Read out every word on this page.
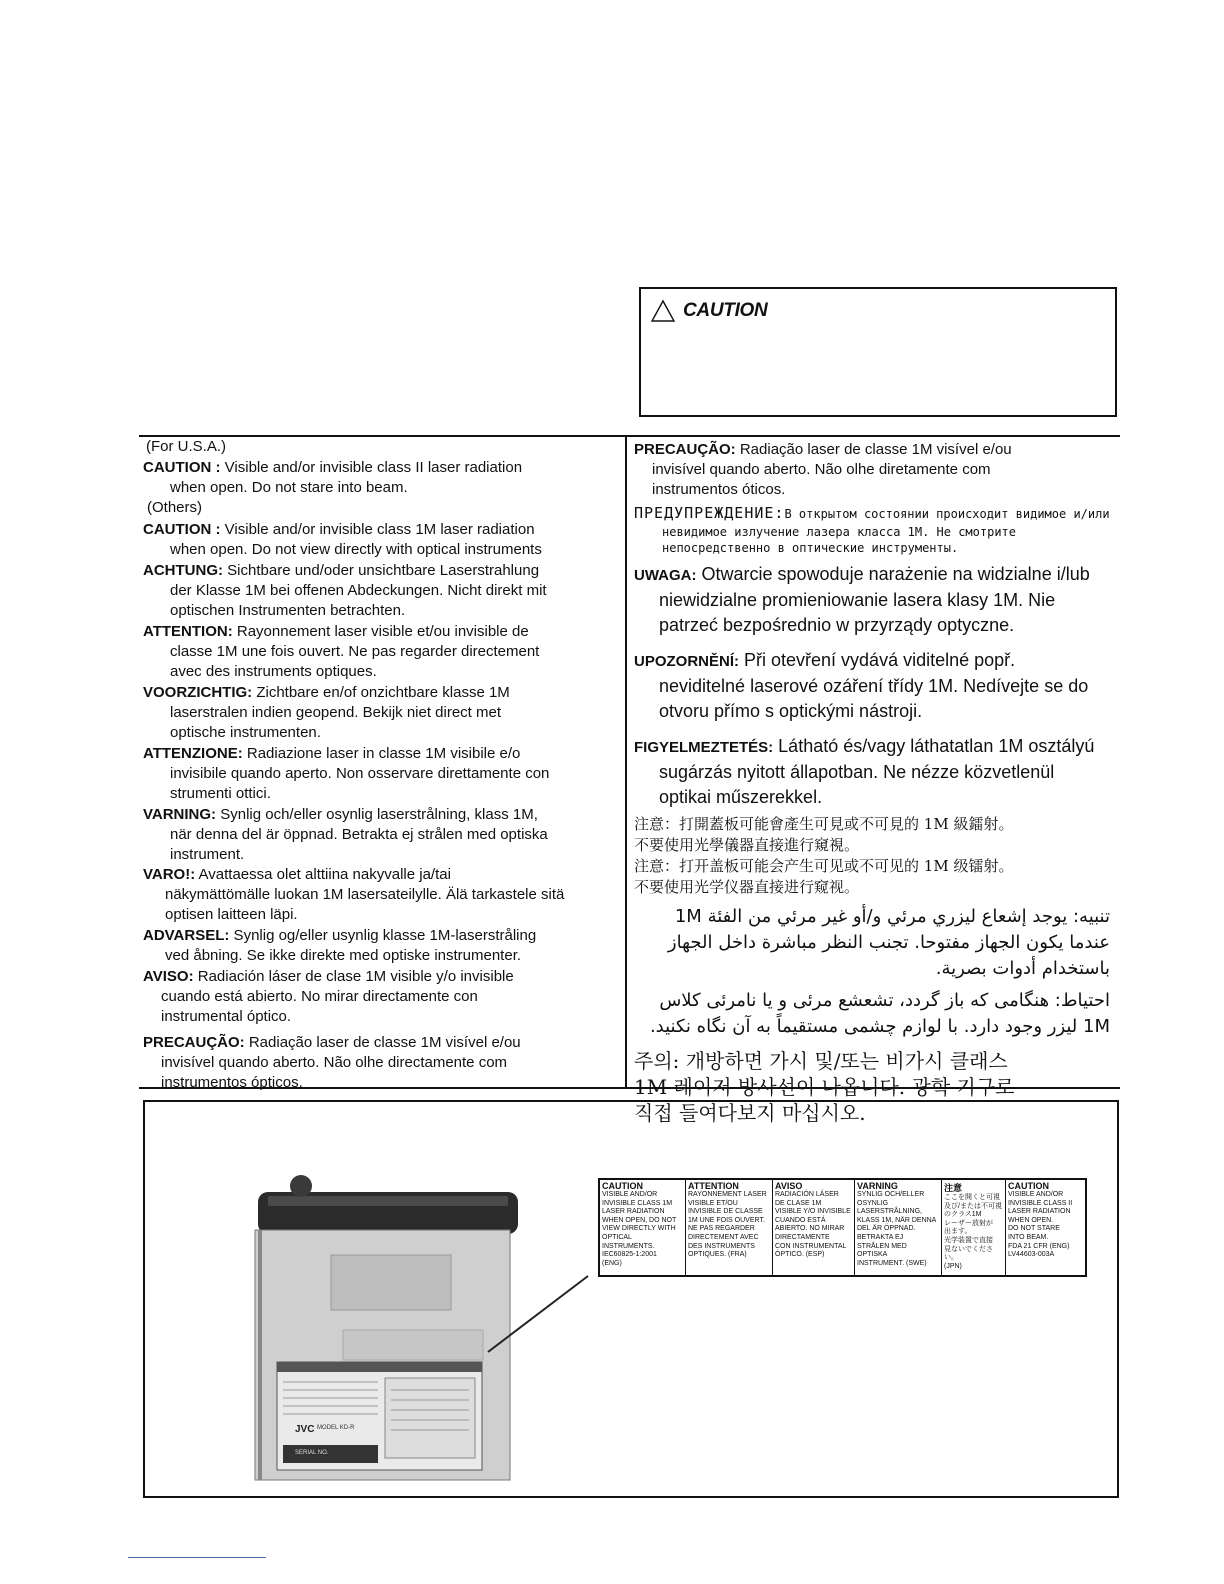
CAUTION
(For U.S.A.)
CAUTION : Visible and/or invisible class II laser radiation
when open. Do not stare into beam.
(Others)
CAUTION : Visible and/or invisible class 1M laser radiation
when open. Do not view directly with optical instruments
ACHTUNG: Sichtbare und/oder unsichtbare Laserstrahlung
der Klasse 1M bei offenen Abdeckungen. Nicht direkt mit optischen Instrumenten betrachten.
ATTENTION: Rayonnement laser visible et/ou invisible de
classe 1M une fois ouvert. Ne pas regarder directement avec des instruments optiques.
VOORZICHTIG: Zichtbare en/of onzichtbare klasse 1M
laserstralen indien geopend. Bekijk niet direct met optische instrumenten.
ATTENZIONE: Radiazione laser in classe 1M visibile e/o
invisibile quando aperto. Non osservare direttamente con strumenti ottici.
VARNING: Synlig och/eller osynlig laserstrålning, klass 1M,
när denna del är öppnad. Betrakta ej strålen med optiska instrument.
VARO!: Avattaessa olet alttiina nakyvalle ja/tai
näkymättömälle luokan 1M lasersateilylle. Älä tarkastele sitä optisen laitteen läpi.
ADVARSEL: Synlig og/eller usynlig klasse 1M-laserstråling
ved åbning. Se ikke direkte med optiske instrumenter.
AVISO: Radiación láser de clase 1M visible y/o invisible
cuando está abierto. No mirar directamente con instrumental óptico.
PRECAUÇÃO: Radiação laser de classe 1M visível e/ou
invisível quando aberto. Não olhe directamente com instrumentos ópticos.
PRECAUÇÃO: Radiação laser de classe 1M visível e/ou
invisível quando aberto. Não olhe diretamente com instrumentos óticos.
ПРЕДУПРЕЖДЕНИЕ:В открытом состоянии происходит видимое и/или
невидимое излучение лазера класса 1M. Не смотрите непосредственно в оптические инструменты.
UWAGA: Otwarcie spowoduje narażenie na widzialne i/lub
niewidzialne promieniowanie lasera klasy 1M. Nie patrzeć bezpośrednio w przyrządy optyczne.
UPOZORNĚNÍ: Při otevření vydává viditelné popř.
neviditelné laserové ozáření třídy 1M. Nedívejte se do otvoru přímo s optickými nástroji.
FIGYELMEZTETÉS: Látható és/vagy láthatatlan 1M osztályú
sugárzás nyitott állapotban. Ne nézze közvetlenül optikai műszerekkel.
注意：打開蓋板可能會產生可見或不可見的 1M 級鐳射。
不要使用光學儀器直接進行窺視。
注意：打开盖板可能会产生可见或不可见的 1M 级镭射。
不要使用光学仪器直接进行窥视。
تنبيه: يوجد إشعاع ليزري مرئي و/أو غير مرئي من الفئة 1M عندما يكون الجهاز مفتوحا. تجنب النظر مباشرة داخل الجهاز باستخدام أدوات بصرية.
احتیاط: هنگامی که باز گردد، تشعشع مرئی و یا نامرئی کلاس 1M لیزر وجود دارد. با لوازم چشمی مستقیماً به آن نگاه نکنید.
주의: 개방하면 가시 및/또는 비가시 클래스
1M 레이저 방사선이 나옵니다. 광학 기구로
직접 들여다보지 마십시오.
JVC MODEL KD-R
SERIAL NO.
CAUTION
VISIBLE AND/OR
INVISIBLE CLASS 1M
LASER RADIATION
WHEN OPEN, DO NOT
VIEW DIRECTLY WITH
OPTICAL INSTRUMENTS.
IEC60825-1:2001
(ENG)
ATTENTION
RAYONNEMENT LASER
VISIBLE ET/OU
INVISIBLE DE CLASSE
1M UNE FOIS OUVERT.
NE PAS REGARDER
DIRECTEMENT AVEC
DES INSTRUMENTS
OPTIQUES. (FRA)
AVISO
RADIACIÓN LÁSER
DE CLASE 1M
VISIBLE Y/O INVISIBLE
CUANDO ESTÁ
ABIERTO. NO MIRAR
DIRECTAMENTE
CON INSTRUMENTAL
ÓPTICO. (ESP)
VARNING
SYNLIG OCH/ELLER
OSYNLIG
LASERSTRÅLNING,
KLASS 1M, NÄR DENNA
DEL ÄR ÖPPNAD.
BETRAKTA EJ
STRÅLEN MED OPTISKA
INSTRUMENT. (SWE)
注意
ここを開くと可視
及び/または不可視
のクラス1M
レーザー放射が
出ます。
光学装置で直接
見ないでください。
(JPN)
CAUTION
VISIBLE AND/OR
INVISIBLE CLASS II
LASER RADIATION
WHEN OPEN.
DO NOT STARE
INTO BEAM.
FDA 21 CFR (ENG)
LV44603-003A
